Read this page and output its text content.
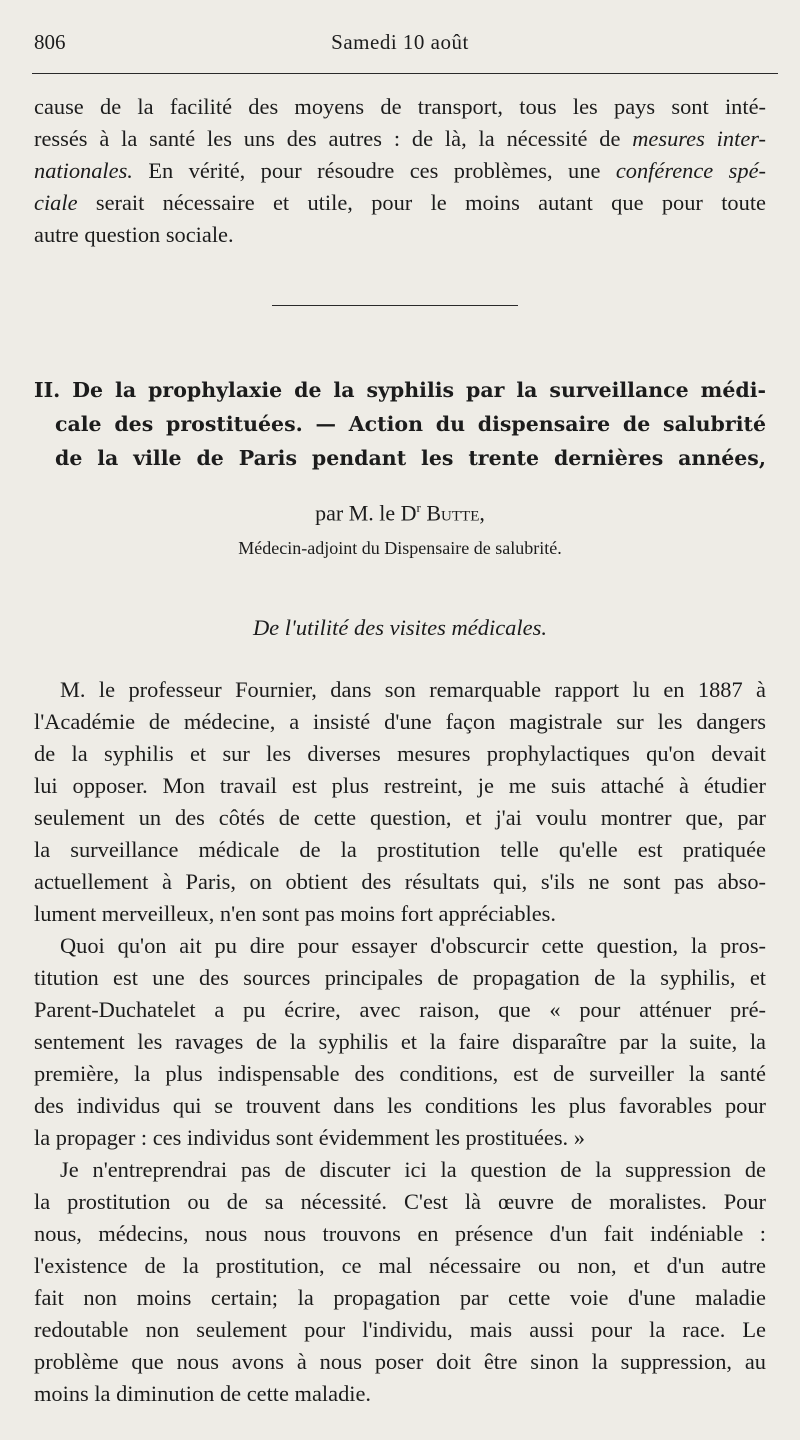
806	Samedi 10 août
cause de la facilité des moyens de transport, tous les pays sont inté-
ressés à la santé les uns des autres : de là, la nécessité de mesures inter-
nationales. En vérité, pour résoudre ces problèmes, une conférence spé-
ciale serait nécessaire et utile, pour le moins autant que pour toute
autre question sociale.
II. De la prophylaxie de la syphilis par la surveillance médi-
cale des prostituées. — Action du dispensaire de salubrité
de la ville de Paris pendant les trente dernières années,
par M. le $D^r$ Butte,
Médecin-adjoint du Dispensaire de salubrité.
De l'utilité des visites médicales.
M. le professeur Fournier, dans son remarquable rapport lu en 1887 à
l'Académie de médecine, a insisté d'une façon magistrale sur les dangers
de la syphilis et sur les diverses mesures prophylactiques qu'on devait
lui opposer. Mon travail est plus restreint, je me suis attaché à étudier
seulement un des côtés de cette question, et j'ai voulu montrer que, par
la surveillance médicale de la prostitution telle qu'elle est pratiquée
actuellement à Paris, on obtient des résultats qui, s'ils ne sont pas abso-
lument merveilleux, n'en sont pas moins fort appréciables.
Quoi qu'on ait pu dire pour essayer d'obscurcir cette question, la pros-
titution est une des sources principales de propagation de la syphilis, et
Parent-Duchatelet a pu écrire, avec raison, que « pour atténuer pré-
sentement les ravages de la syphilis et la faire disparaître par la suite, la
première, la plus indispensable des conditions, est de surveiller la santé
des individus qui se trouvent dans les conditions les plus favorables pour
la propager : ces individus sont évidemment les prostituées. »
Je n'entreprendrai pas de discuter ici la question de la suppression de
la prostitution ou de sa nécessité. C'est là œuvre de moralistes. Pour
nous, médecins, nous nous trouvons en présence d'un fait indéniable :
l'existence de la prostitution, ce mal nécessaire ou non, et d'un autre
fait non moins certain; la propagation par cette voie d'une maladie
redoutable non seulement pour l'individu, mais aussi pour la race. Le
problème que nous avons à nous poser doit être sinon la suppression, au
moins la diminution de cette maladie.
